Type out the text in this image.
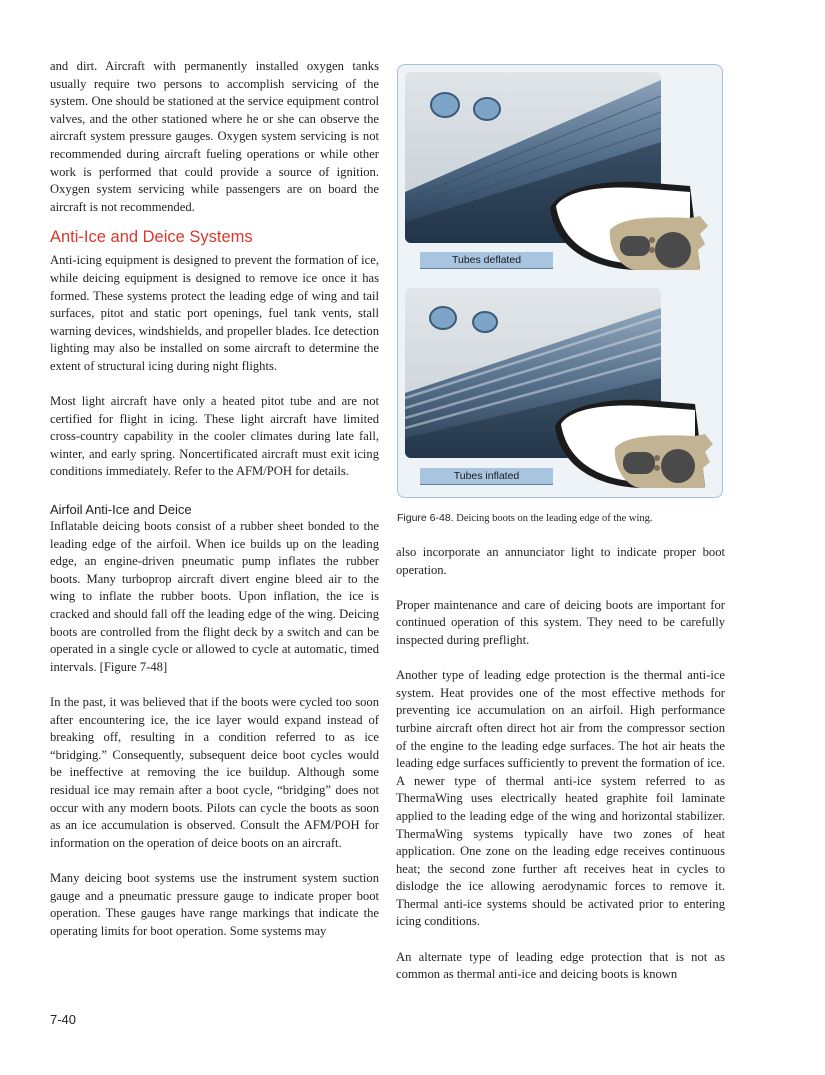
and dirt. Aircraft with permanently installed oxygen tanks usually require two persons to accomplish servicing of the system. One should be stationed at the service equipment control valves, and the other stationed where he or she can observe the aircraft system pressure gauges. Oxygen system servicing is not recommended during aircraft fueling operations or while other work is performed that could provide a source of ignition. Oxygen system servicing while passengers are on board the aircraft is not recommended.

Anti-Ice and Deice Systems

Anti-icing equipment is designed to prevent the formation of ice, while deicing equipment is designed to remove ice once it has formed. These systems protect the leading edge of wing and tail surfaces, pitot and static port openings, fuel tank vents, stall warning devices, windshields, and propeller blades. Ice detection lighting may also be installed on some aircraft to determine the extent of structural icing during night flights.

Most light aircraft have only a heated pitot tube and are not certified for flight in icing. These light aircraft have limited cross-country capability in the cooler climates during late fall, winter, and early spring. Noncertificated aircraft must exit icing conditions immediately. Refer to the AFM/POH for details.

Airfoil Anti-Ice and Deice

Inflatable deicing boots consist of a rubber sheet bonded to the leading edge of the airfoil. When ice builds up on the leading edge, an engine-driven pneumatic pump inflates the rubber boots. Many turboprop aircraft divert engine bleed air to the wing to inflate the rubber boots. Upon inflation, the ice is cracked and should fall off the leading edge of the wing. Deicing boots are controlled from the flight deck by a switch and can be operated in a single cycle or allowed to cycle at automatic, timed intervals. [Figure 7-48]

In the past, it was believed that if the boots were cycled too soon after encountering ice, the ice layer would expand instead of breaking off, resulting in a condition referred to as ice “bridging.” Consequently, subsequent deice boot cycles would be ineffective at removing the ice buildup. Although some residual ice may remain after a boot cycle, “bridging” does not occur with any modern boots. Pilots can cycle the boots as soon as an ice accumulation is observed. Consult the AFM/POH for information on the operation of deice boots on an aircraft.

Many deicing boot systems use the instrument system suction gauge and a pneumatic pressure gauge to indicate proper boot operation. These gauges have range markings that indicate the operating limits for boot operation. Some systems may

Tubes deflated
Tubes inflated
Figure 6-48. Deicing boots on the leading edge of the wing.

also incorporate an annunciator light to indicate proper boot operation.

Proper maintenance and care of deicing boots are important for continued operation of this system. They need to be carefully inspected during preflight.

Another type of leading edge protection is the thermal anti-ice system. Heat provides one of the most effective methods for preventing ice accumulation on an airfoil. High performance turbine aircraft often direct hot air from the compressor section of the engine to the leading edge surfaces. The hot air heats the leading edge surfaces sufficiently to prevent the formation of ice. A newer type of thermal anti-ice system referred to as ThermaWing uses electrically heated graphite foil laminate applied to the leading edge of the wing and horizontal stabilizer. ThermaWing systems typically have two zones of heat application. One zone on the leading edge receives continuous heat; the second zone further aft receives heat in cycles to dislodge the ice allowing aerodynamic forces to remove it. Thermal anti-ice systems should be activated prior to entering icing conditions.

An alternate type of leading edge protection that is not as common as thermal anti-ice and deicing boots is known

7-40
